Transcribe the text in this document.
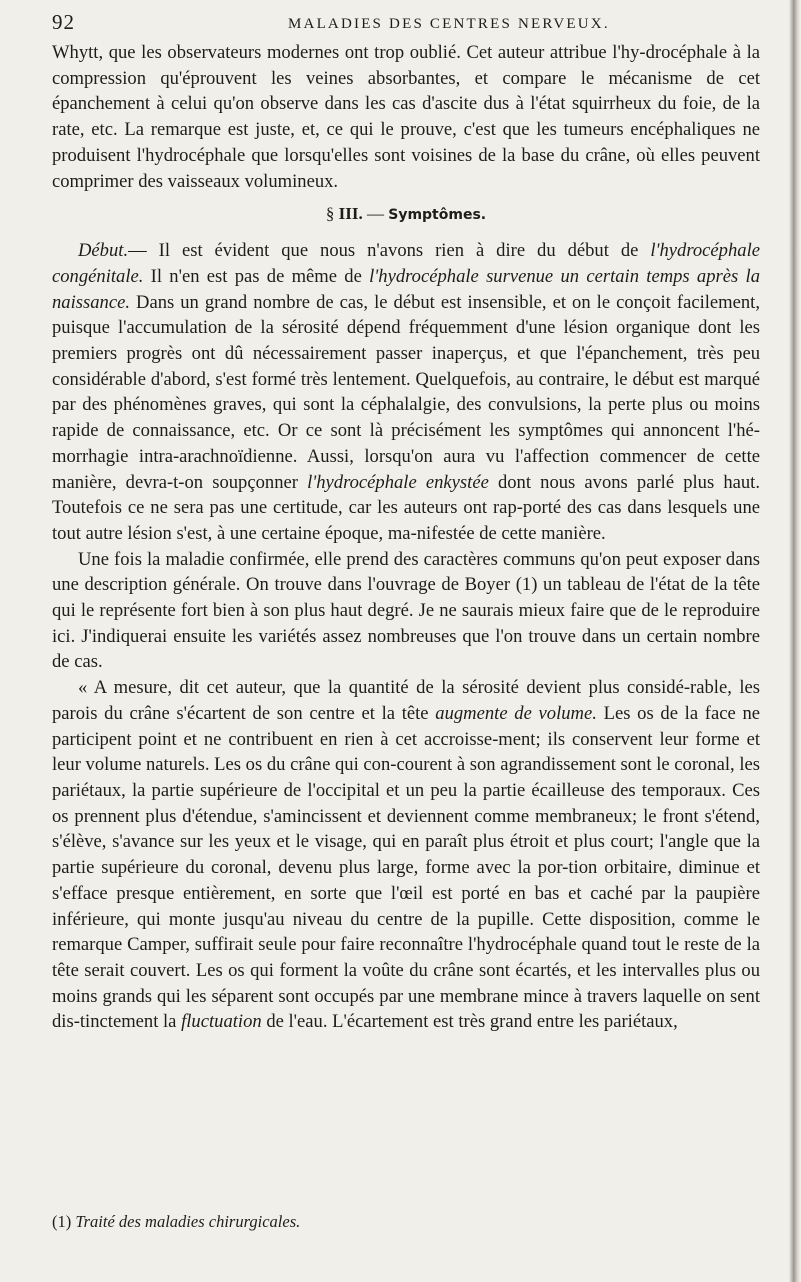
92	MALADIES DES CENTRES NERVEUX.

Whytt, que les observateurs modernes ont trop oublié. Cet auteur attribue l'hy-drocéphale à la compression qu'éprouvent les veines absorbantes, et compare le mécanisme de cet épanchement à celui qu'on observe dans les cas d'ascite dus à l'état squirrheux du foie, de la rate, etc. La remarque est juste, et, ce qui le prouve, c'est que les tumeurs encéphaliques ne produisent l'hydrocéphale que lorsqu'elles sont voisines de la base du crâne, où elles peuvent comprimer des vaisseaux volumineux.

§ III. — Symptômes.

Début.— Il est évident que nous n'avons rien à dire du début de l'hydrocéphale congénitale. Il n'en est pas de même de l'hydrocéphale survenue un certain temps après la naissance. Dans un grand nombre de cas, le début est insensible, et on le conçoit facilement, puisque l'accumulation de la sérosité dépend fréquemment d'une lésion organique dont les premiers progrès ont dû nécessairement passer inaperçus, et que l'épanchement, très peu considérable d'abord, s'est formé très lentement. Quelquefois, au contraire, le début est marqué par des phénomènes graves, qui sont la céphalalgie, des convulsions, la perte plus ou moins rapide de connaissance, etc. Or ce sont là précisément les symptômes qui annoncent l'hé-morrhagie intra-arachnoïdienne. Aussi, lorsqu'on aura vu l'affection commencer de cette manière, devra-t-on soupçonner l'hydrocéphale enkystée dont nous avons parlé plus haut. Toutefois ce ne sera pas une certitude, car les auteurs ont rap-porté des cas dans lesquels une tout autre lésion s'est, à une certaine époque, ma-nifestée de cette manière.

Une fois la maladie confirmée, elle prend des caractères communs qu'on peut exposer dans une description générale. On trouve dans l'ouvrage de Boyer (1) un tableau de l'état de la tête qui le représente fort bien à son plus haut degré. Je ne saurais mieux faire que de le reproduire ici. J'indiquerai ensuite les variétés assez nombreuses que l'on trouve dans un certain nombre de cas.

« A mesure, dit cet auteur, que la quantité de la sérosité devient plus considé-rable, les parois du crâne s'écartent de son centre et la tête augmente de volume. Les os de la face ne participent point et ne contribuent en rien à cet accroisse-ment; ils conservent leur forme et leur volume naturels. Les os du crâne qui con-courent à son agrandissement sont le coronal, les pariétaux, la partie supérieure de l'occipital et un peu la partie écailleuse des temporaux. Ces os prennent plus d'étendue, s'amincissent et deviennent comme membraneux; le front s'étend, s'élève, s'avance sur les yeux et le visage, qui en paraît plus étroit et plus court; l'angle que la partie supérieure du coronal, devenu plus large, forme avec la por-tion orbitaire, diminue et s'efface presque entièrement, en sorte que l'œil est porté en bas et caché par la paupière inférieure, qui monte jusqu'au niveau du centre de la pupille. Cette disposition, comme le remarque Camper, suffirait seule pour faire reconnaître l'hydrocéphale quand tout le reste de la tête serait couvert. Les os qui forment la voûte du crâne sont écartés, et les intervalles plus ou moins grands qui les séparent sont occupés par une membrane mince à travers laquelle on sent dis-tinctement la fluctuation de l'eau. L'écartement est très grand entre les pariétaux,

(1) Traité des maladies chirurgicales.
